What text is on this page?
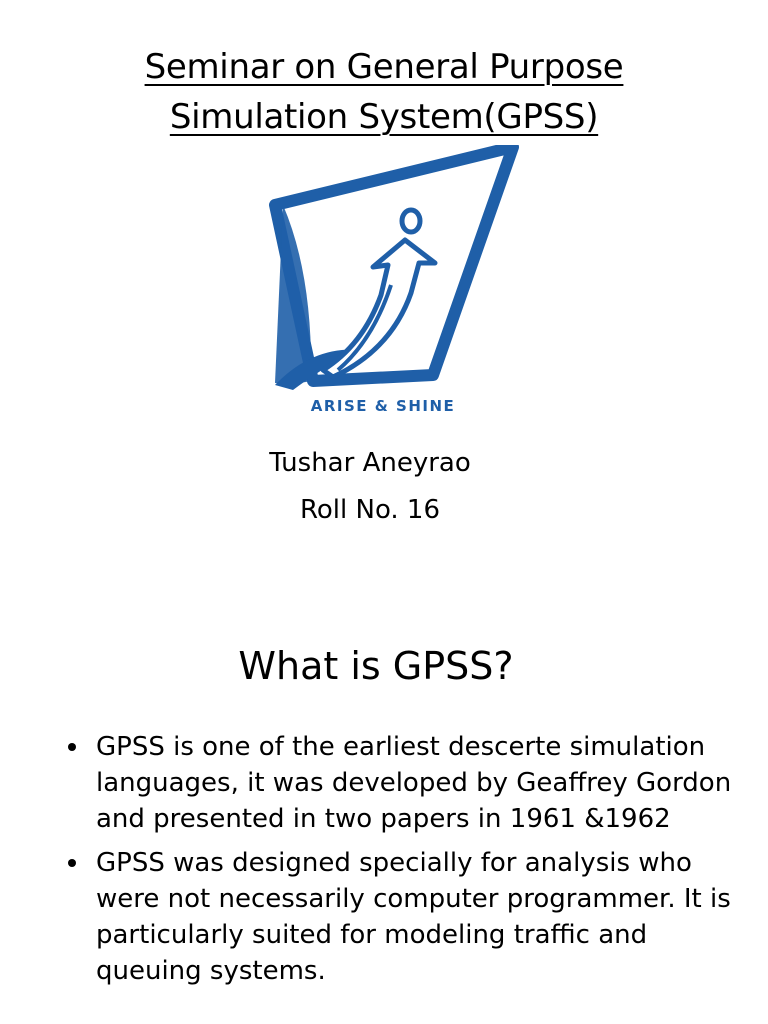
Seminar on General Purpose
Simulation System(GPSS)
ARISE & SHINE
Tushar Aneyrao
Roll No. 16
What is GPSS?
GPSS is one of the earliest descerte simulation languages, it was developed by Geaffrey Gordon and presented in two papers in 1961 &1962
GPSS was designed specially for analysis who were not necessarily computer programmer. It is particularly suited for modeling traffic and queuing systems.
